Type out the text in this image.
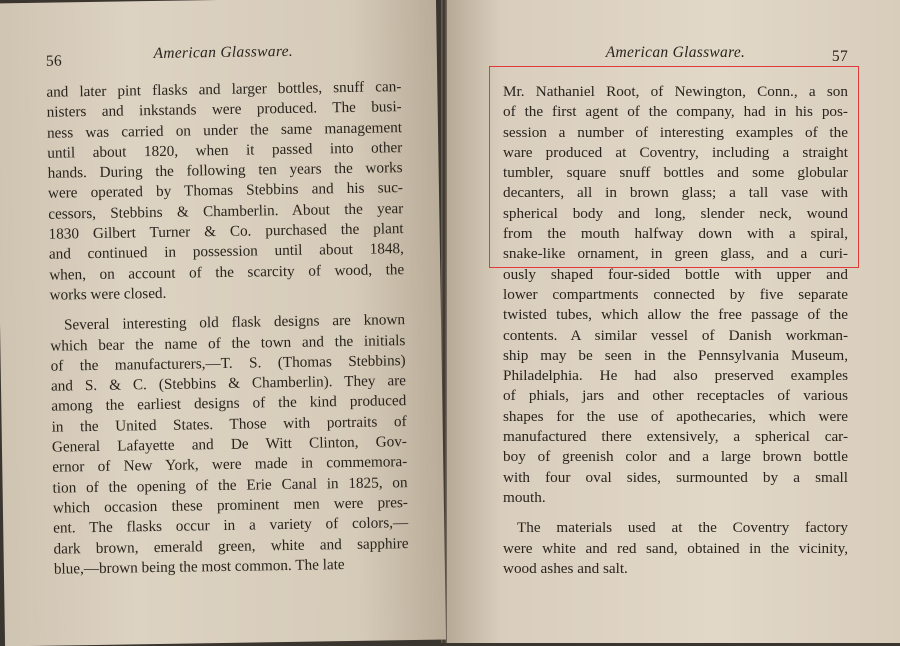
56	American Glassware.

and later pint flasks and larger bottles, snuff can-
nisters and inkstands were produced. The busi-
ness was carried on under the same management
until about 1820, when it passed into other
hands. During the following ten years the works
were operated by Thomas Stebbins and his suc-
cessors, Stebbins & Chamberlin. About the year
1830 Gilbert Turner & Co. purchased the plant
and continued in possession until about 1848,
when, on account of the scarcity of wood, the
works were closed.

Several interesting old flask designs are known
which bear the name of the town and the initials
of the manufacturers,—T. S. (Thomas Stebbins)
and S. & C. (Stebbins & Chamberlin). They are
among the earliest designs of the kind produced
in the United States. Those with portraits of
General Lafayette and De Witt Clinton, Gov-
ernor of New York, were made in commemora-
tion of the opening of the Erie Canal in 1825, on
which occasion these prominent men were pres-
ent. The flasks occur in a variety of colors,—
dark brown, emerald green, white and sapphire
blue,—brown being the most common. The late

American Glassware.	57

Mr. Nathaniel Root, of Newington, Conn., a son
of the first agent of the company, had in his pos-
session a number of interesting examples of the
ware produced at Coventry, including a straight
tumbler, square snuff bottles and some globular
decanters, all in brown glass; a tall vase with
spherical body and long, slender neck, wound
from the mouth halfway down with a spiral,
snake-like ornament, in green glass, and a curi-
ously shaped four-sided bottle with upper and
lower compartments connected by five separate
twisted tubes, which allow the free passage of the
contents. A similar vessel of Danish workman-
ship may be seen in the Pennsylvania Museum,
Philadelphia. He had also preserved examples
of phials, jars and other receptacles of various
shapes for the use of apothecaries, which were
manufactured there extensively, a spherical car-
boy of greenish color and a large brown bottle
with four oval sides, surmounted by a small
mouth.

The materials used at the Coventry factory
were white and red sand, obtained in the vicinity,
wood ashes and salt.
